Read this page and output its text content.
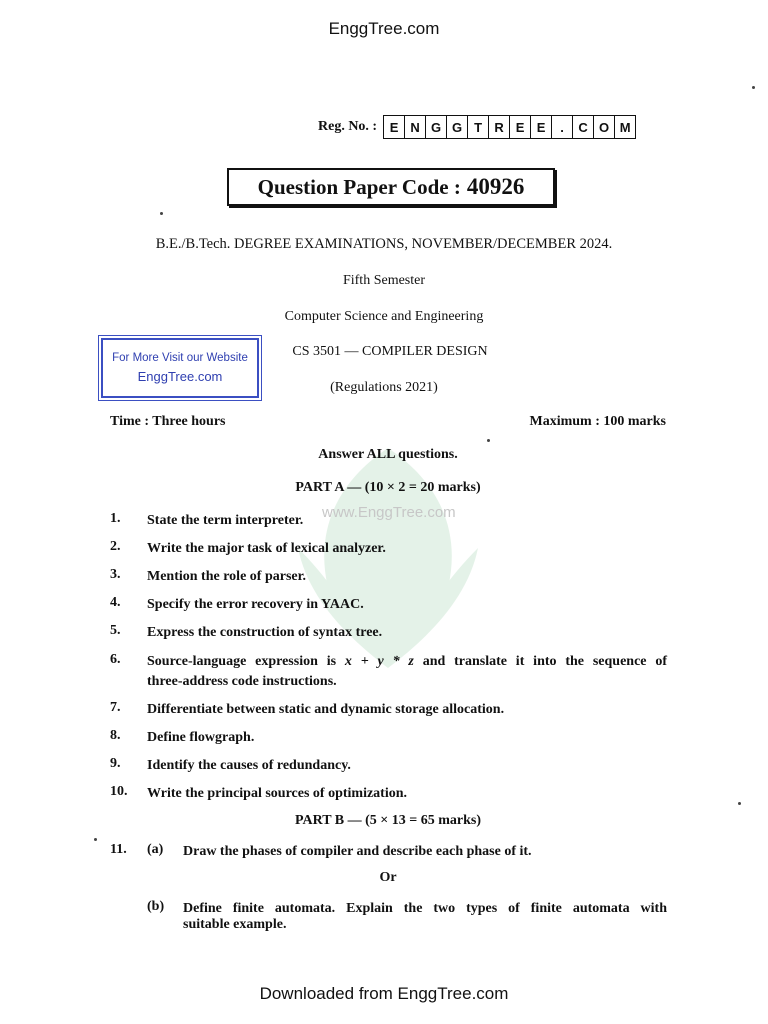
EnggTree.com
Reg. No. : E N G G T R E E	.	C O M
Question Paper Code : 40926
B.E./B.Tech. DEGREE EXAMINATIONS, NOVEMBER/DECEMBER 2024.
Fifth Semester
Computer Science and Engineering
CS 3501 — COMPILER DESIGN
(Regulations 2021)
For More Visit our Website
EnggTree.com
www.EnggTree.com
Time : Three hours	Maximum : 100 marks
Answer ALL questions.
PART A — (10 × 2 = 20 marks)
1. State the term interpreter.
2. Write the major task of lexical analyzer.
3. Mention the role of parser.
4. Specify the error recovery in YAAC.
5. Express the construction of syntax tree.
6. Source-language expression is x + y * z and translate it into the sequence of
three-address code instructions.
7. Differentiate between static and dynamic storage allocation.
8. Define flowgraph.
9. Identify the causes of redundancy.
10. Write the principal sources of optimization.
PART B — (5 × 13 = 65 marks)
11. (a) Draw the phases of compiler and describe each phase of it.
Or
(b) Define finite automata. Explain the two types of finite automata with
suitable example.
Downloaded from EnggTree.com
